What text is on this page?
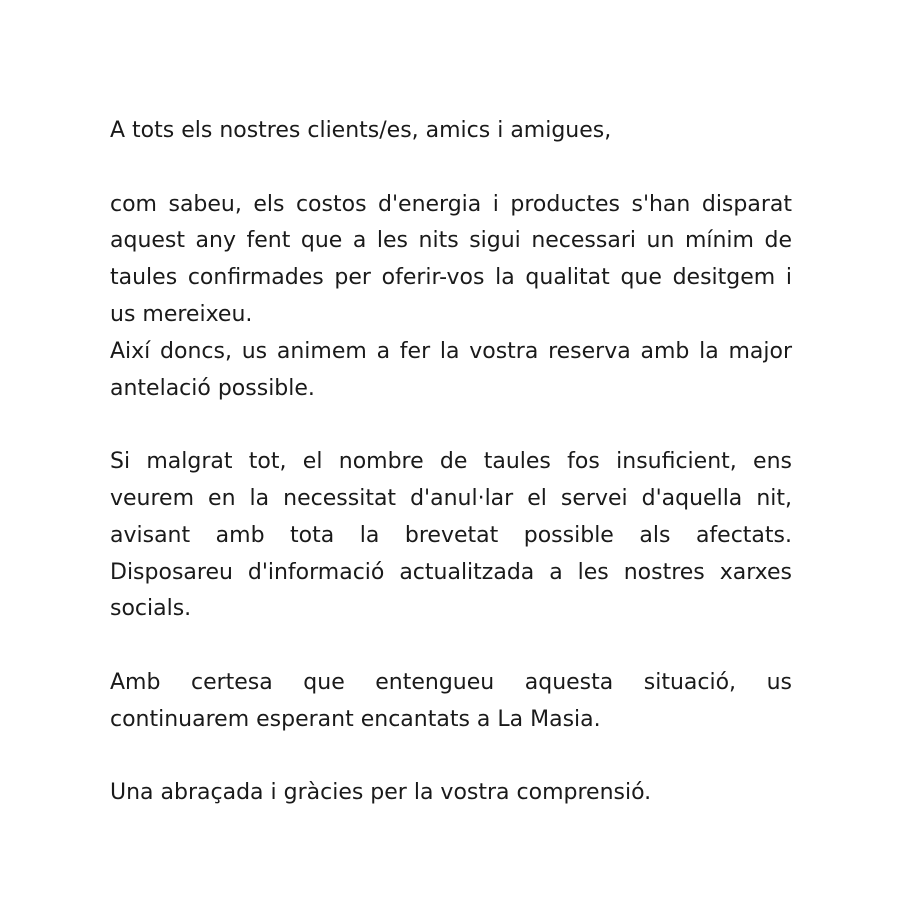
A tots els nostres clients/es, amics i amigues,

com sabeu, els costos d'energia i productes s'han disparat aquest any fent que a les nits sigui necessari un mínim de taules confirmades per oferir-vos la qualitat que desitgem i us mereixeu.

Així doncs, us animem a fer la vostra reserva amb la major antelació possible.

Si malgrat tot, el nombre de taules fos insuficient, ens veurem en la necessitat d'anul·lar el servei d'aquella nit, avisant amb tota la brevetat possible als afectats. Disposareu d'informació actualitzada a les nostres xarxes socials.

Amb certesa que entengueu aquesta situació, us continuarem esperant encantats a La Masia.

Una abraçada i gràcies per la vostra comprensió.
